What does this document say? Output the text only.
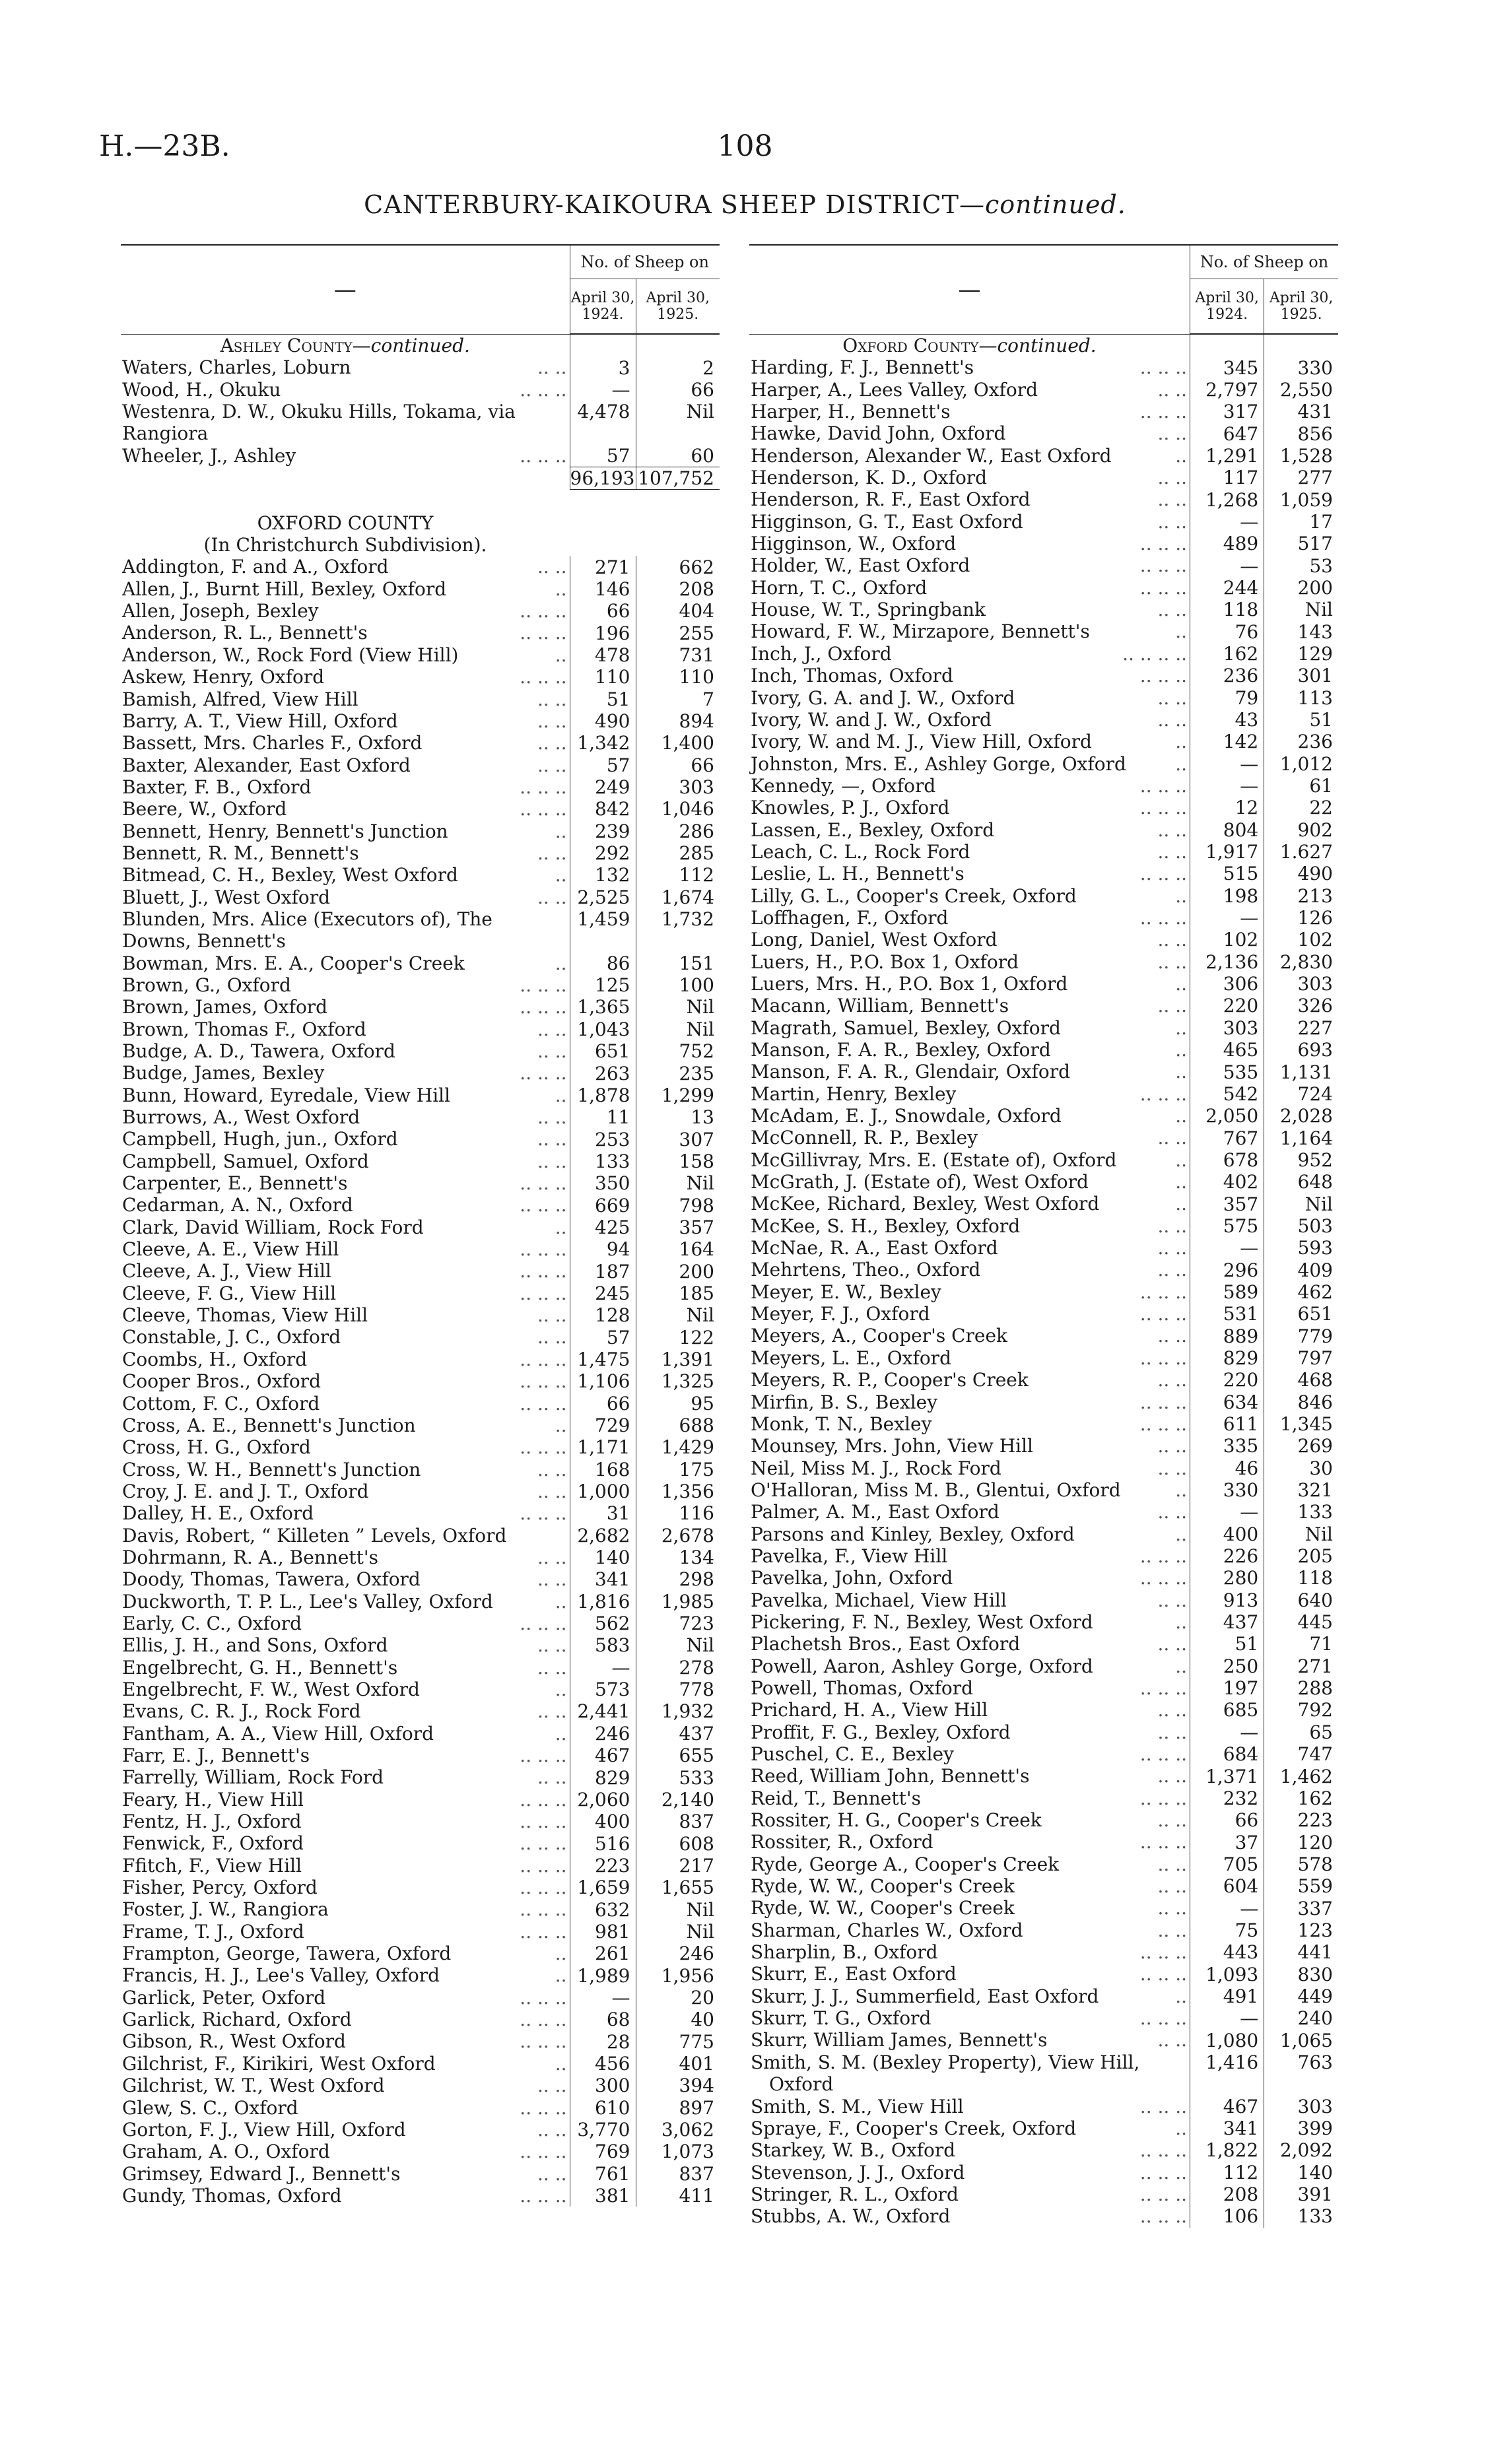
H.—23B.	108
CANTERBURY-KAIKOURA SHEEP DISTRICT—continued.
—	No. of Sheep on	
	April 30, 1924.	April 30, 1925.
Ashley County—continued.		

Waters, Charles, Loburn	.. ..	3	2

Wood, H., Okuku	.. .. .. —	66

Westenra, D. W., Okuku Hills, Tokama, via	4,478	Nil

Rangiora

Wheeler, J., Ashley	.. .. .. 57	60
	96,193	107,752

OXFORD COUNTY		
(In Christchurch Subdivision).		

Addington, F. and A., Oxford	.. .. 271	662

Allen, J., Burnt Hill, Bexley, Oxford	.. 146	208

Allen, Joseph, Bexley	.. .. .. 66	404

Anderson, R. L., Bennett's	.. .. .. 196	255

Anderson, W., Rock Ford (View Hill)	.. 478	731

Askew, Henry, Oxford	.. .. .. 110	110

Bamish, Alfred, View Hill	.. .. 51	7

Barry, A. T., View Hill, Oxford	.. .. 490	894

Bassett, Mrs. Charles F., Oxford	.. .. 1,342	1,400

Baxter, Alexander, East Oxford	.. .. 57	66

Baxter, F. B., Oxford	.. .. .. 249	303

Beere, W., Oxford	.. .. .. 842	1,046

Bennett, Henry, Bennett's Junction	.. 239	286

Bennett, R. M., Bennett's	.. .. 292	285

Bitmead, C. H., Bexley, West Oxford	.. 132	112

Bluett, J., West Oxford	.. .. 2,525	1,674

Blunden, Mrs. Alice (Executors of), The	1,459	1,732

Downs, Bennett's

Bowman, Mrs. E. A., Cooper's Creek	.. 86	151

Brown, G., Oxford	.. .. .. 125	100

Brown, James, Oxford	.. .. .. 1,365	Nil

Brown, Thomas F., Oxford	.. .. 1,043	Nil

Budge, A. D., Tawera, Oxford	.. .. 651	752

Budge, James, Bexley	.. .. .. 263	235

Bunn, Howard, Eyredale, View Hill	.. 1,878	1,299

Burrows, A., West Oxford	.. .. 11	13

Campbell, Hugh, jun., Oxford	.. .. 253	307

Campbell, Samuel, Oxford	.. .. 133	158

Carpenter, E., Bennett's	.. .. .. 350	Nil

Cedarman, A. N., Oxford	.. .. .. 669	798

Clark, David William, Rock Ford	.. 425	357

Cleeve, A. E., View Hill	.. .. .. 94	164

Cleeve, A. J., View Hill	.. .. .. 187	200

Cleeve, F. G., View Hill	.. .. .. 245	185

Cleeve, Thomas, View Hill	.. .. 128	Nil

Constable, J. C., Oxford	.. .. 57	122

Coombs, H., Oxford	.. .. .. 1,475	1,391

Cooper Bros., Oxford	.. .. .. 1,106	1,325

Cottom, F. C., Oxford	.. .. .. 66	95

Cross, A. E., Bennett's Junction	.. 729	688

Cross, H. G., Oxford	.. .. .. 1,171	1,429

Cross, W. H., Bennett's Junction	.. .. 168	175

Croy, J. E. and J. T., Oxford	.. .. 1,000	1,356

Dalley, H. E., Oxford	.. .. .. 31	116

Davis, Robert, “ Killeten ” Levels, Oxford	2,682	2,678

Dohrmann, R. A., Bennett's	.. .. 140	134

Doody, Thomas, Tawera, Oxford	.. .. 341	298

Duckworth, T. P. L., Lee's Valley, Oxford	.. 1,816	1,985

Early, C. C., Oxford	.. .. .. 562	723

Ellis, J. H., and Sons, Oxford	.. .. 583	Nil

Engelbrecht, G. H., Bennett's	.. .. —	278

Engelbrecht, F. W., West Oxford	.. 573	778

Evans, C. R. J., Rock Ford	.. .. 2,441	1,932

Fantham, A. A., View Hill, Oxford	.. 246	437

Farr, E. J., Bennett's	.. .. .. 467	655

Farrelly, William, Rock Ford	.. .. 829	533

Feary, H., View Hill	.. .. .. 2,060	2,140

Fentz, H. J., Oxford	.. .. .. 400	837

Fenwick, F., Oxford	.. .. .. 516	608

Ffitch, F., View Hill	.. .. .. 223	217

Fisher, Percy, Oxford	.. .. .. 1,659	1,655

Foster, J. W., Rangiora	.. .. .. 632	Nil

Frame, T. J., Oxford	.. .. .. 981	Nil

Frampton, George, Tawera, Oxford	.. 261	246

Francis, H. J., Lee's Valley, Oxford	.. 1,989	1,956

Garlick, Peter, Oxford	.. .. .. —	20

Garlick, Richard, Oxford	.. .. .. 68	40

Gibson, R., West Oxford	.. .. .. 28	775

Gilchrist, F., Kirikiri, West Oxford	.. 456	401

Gilchrist, W. T., West Oxford	.. .. 300	394

Glew, S. C., Oxford	.. .. .. 610	897

Gorton, F. J., View Hill, Oxford	.. .. 3,770	3,062

Graham, A. O., Oxford	.. .. .. 769	1,073

Grimsey, Edward J., Bennett's	.. .. 761	837

Gundy, Thomas, Oxford	.. .. .. 381	411
—	No. of Sheep on	
	April 30, 1924.	April 30, 1925.
Oxford County—continued.		

Harding, F. J., Bennett's	.. .. .. 345	330

Harper, A., Lees Valley, Oxford	.. .. 2,797	2,550

Harper, H., Bennett's	.. .. .. 317	431

Hawke, David John, Oxford	.. .. 647	856

Henderson, Alexander W., East Oxford	.. 1,291	1,528

Henderson, K. D., Oxford	.. .. 117	277

Henderson, R. F., East Oxford	.. .. 1,268	1,059

Higginson, G. T., East Oxford	.. ..	—	17

Higginson, W., Oxford	.. .. .. 489	517

Holder, W., East Oxford	.. .. ..	—	53

Horn, T. C., Oxford	.. .. .. 244	200

House, W. T., Springbank	.. .. 118	Nil

Howard, F. W., Mirzapore, Bennett's	..	76	143

Inch, J., Oxford	.. .. .. .. 162	129

Inch, Thomas, Oxford	.. .. .. 236	301

Ivory, G. A. and J. W., Oxford	.. ..	79	113

Ivory, W. and J. W., Oxford	.. ..	43	51

Ivory, W. and M. J., View Hill, Oxford	.. 142	236

Johnston, Mrs. E., Ashley Gorge, Oxford	..	—	1,012

Kennedy, —, Oxford	.. .. ..	—	61

Knowles, P. J., Oxford	.. .. ..	12	22

Lassen, E., Bexley, Oxford	.. .. 804	902

Leach, C. L., Rock Ford	.. .. 1,917	1.627

Leslie, L. H., Bennett's	.. .. .. 515	490

Lilly, G. L., Cooper's Creek, Oxford	.. 198	213

Loffhagen, F., Oxford	.. .. ..	—	126

Long, Daniel, West Oxford	.. .. 102	102

Luers, H., P.O. Box 1, Oxford	.. .. 2,136	2,830

Luers, Mrs. H., P.O. Box 1, Oxford	.. 306	303

Macann, William, Bennett's	.. .. 220	326

Magrath, Samuel, Bexley, Oxford	.. 303	227

Manson, F. A. R., Bexley, Oxford	.. 465	693

Manson, F. A. R., Glendair, Oxford	.. 535	1,131

Martin, Henry, Bexley	.. .. .. 542	724

McAdam, E. J., Snowdale, Oxford	.. 2,050	2,028

McConnell, R. P., Bexley	.. .. 767	1,164

McGillivray, Mrs. E. (Estate of), Oxford	.. 678	952

McGrath, J. (Estate of), West Oxford	.. 402	648

McKee, Richard, Bexley, West Oxford	.. 357	Nil

McKee, S. H., Bexley, Oxford	.. .. 575	503

McNae, R. A., East Oxford	.. ..	—	593

Mehrtens, Theo., Oxford	.. .. 296	409

Meyer, E. W., Bexley	.. .. .. 589	462

Meyer, F. J., Oxford	.. .. .. 531	651

Meyers, A., Cooper's Creek	.. .. 889	779

Meyers, L. E., Oxford	.. .. .. 829	797

Meyers, R. P., Cooper's Creek	.. .. 220	468

Mirfin, B. S., Bexley	.. .. .. 634	846

Monk, T. N., Bexley	.. .. .. 611	1,345

Mounsey, Mrs. John, View Hill	.. .. 335	269

Neil, Miss M. J., Rock Ford	.. ..	46	30

O'Halloran, Miss M. B., Glentui, Oxford	.. 330	321

Palmer, A. M., East Oxford	.. ..	—	133

Parsons and Kinley, Bexley, Oxford	.. 400	Nil

Pavelka, F., View Hill	.. .. .. 226	205

Pavelka, John, Oxford	.. .. .. 280	118

Pavelka, Michael, View Hill	.. .. 913	640

Pickering, F. N., Bexley, West Oxford	.. 437	445

Plachetsh Bros., East Oxford	.. ..	51	71

Powell, Aaron, Ashley Gorge, Oxford	.. 250	271

Powell, Thomas, Oxford	.. .. .. 197	288

Prichard, H. A., View Hill	.. .. 685	792

Proffit, F. G., Bexley, Oxford	.. ..	—	65

Puschel, C. E., Bexley	.. .. .. 684	747

Reed, William John, Bennett's	.. .. 1,371	1,462

Reid, T., Bennett's	.. .. .. 232	162

Rossiter, H. G., Cooper's Creek	.. ..	66	223

Rossiter, R., Oxford	.. .. ..	37	120

Ryde, George A., Cooper's Creek	.. .. 705	578

Ryde, W. W., Cooper's Creek	.. .. 604	559

Ryde, W. W., Cooper's Creek	.. ..	—	337

Sharman, Charles W., Oxford	.. ..	75	123

Sharplin, B., Oxford	.. .. .. 443	441

Skurr, E., East Oxford	.. .. .. 1,093	830

Skurr, J. J., Summerfield, East Oxford	.. 491	449

Skurr, T. G., Oxford	.. .. ..	—	240

Skurr, William James, Bennett's	.. .. 1,080	1,065

Smith, S. M. (Bexley Property), View Hill,	1,416	763

Oxford

Smith, S. M., View Hill	.. .. .. 467	303

Spraye, F., Cooper's Creek, Oxford	.. 341	399

Starkey, W. B., Oxford	.. .. .. 1,822	2,092

Stevenson, J. J., Oxford	.. .. .. 112	140

Stringer, R. L., Oxford	.. .. .. 208	391

Stubbs, A. W., Oxford	.. .. .. 106	133
